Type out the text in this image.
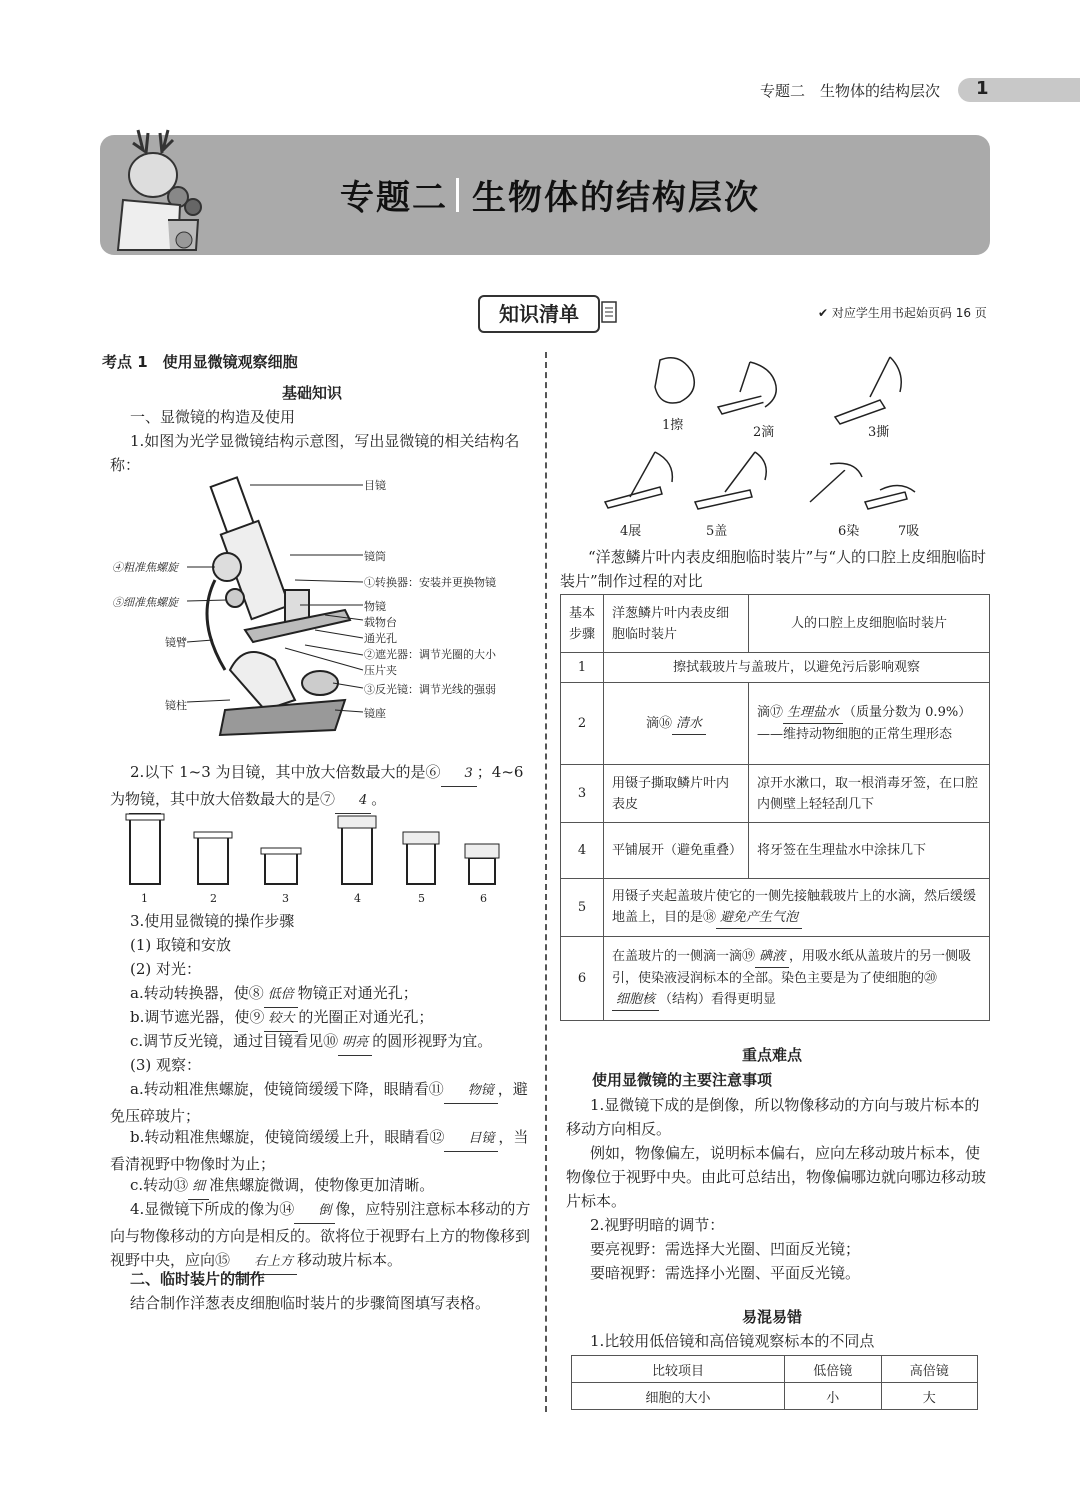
专题二　生物体的结构层次 1
专题二 生物体的结构层次
知识清单	✔ 对应学生用书起始页码 16 页
考点 1　使用显微镜观察细胞
基础知识
一、显微镜的构造及使用
1.如图为光学显微镜结构示意图，写出显微镜的相关结构名称：
目镜
镜筒
①转换器：安装并更换物镜
物镜
载物台
通光孔
②遮光器：调节光圈的大小
压片夹
③反光镜：调节光线的强弱
镜座
④粗准焦螺旋
⑤细准焦螺旋
镜臂
镜柱
2.以下 1~3 为目镜，其中放大倍数最大的是⑥ 3 ；4~6 为物镜，其中放大倍数最大的是⑦ 4 。
1	2	3	4	5	6
3.使用显微镜的操作步骤
(1) 取镜和安放
(2) 对光：
a.转动转换器，使⑧ 低倍 物镜正对通光孔；
b.调节遮光器，使⑨ 较大 的光圈正对通光孔；
c.调节反光镜，通过目镜看见⑩ 明亮 的圆形视野为宜。
(3) 观察：
a.转动粗准焦螺旋，使镜筒缓缓下降，眼睛看⑪ 物镜 ，避免压碎玻片；
b.转动粗准焦螺旋，使镜筒缓缓上升，眼睛看⑫ 目镜 ，当看清视野中物像时为止；
c.转动⑬ 细 准焦螺旋微调，使物像更加清晰。
4.显微镜下所成的像为⑭ 倒 像，应特别注意标本移动的方向与物像移动的方向是相反的。欲将位于视野右上方的物像移到视野中央，应向⑮ 右上方 移动玻片标本。
二、临时装片的制作
结合制作洋葱表皮细胞临时装片的步骤简图填写表格。
1擦	2滴	3撕
4展	5盖	6染	7吸
“洋葱鳞片叶内表皮细胞临时装片”与“人的口腔上皮细胞临时装片”制作过程的对比
基本步骤	洋葱鳞片叶内表皮细胞临时装片	人的口腔上皮细胞临时装片
1	擦拭载玻片与盖玻片，以避免污后影响观察	
2	滴⑯ 清水	滴⑰ 生理盐水 （质量分数为 0.9%）——维持动物细胞的正常生理形态
3	用镊子撕取鳞片叶内表皮	凉开水漱口，取一根消毒牙签，在口腔内侧壁上轻轻刮几下
4	平铺展开（避免重叠）	将牙签在生理盐水中涂抹几下
5	用镊子夹起盖玻片使它的一侧先接触载玻片上的水滴，然后缓缓地盖上，目的是⑱ 避免产生气泡	
6	在盖玻片的一侧滴一滴⑲ 碘液 ，用吸水纸从盖玻片的另一侧吸引，使染液浸润标本的全部。染色主要是为了使细胞的⑳细胞核 （结构）看得更明显	
重点难点
使用显微镜的主要注意事项
1.显微镜下成的是倒像，所以物像移动的方向与玻片标本的移动方向相反。
例如，物像偏左，说明标本偏右，应向左移动玻片标本，使物像位于视野中央。由此可总结出，物像偏哪边就向哪边移动玻片标本。
2.视野明暗的调节：
要亮视野：需选择大光圈、凹面反光镜；
要暗视野：需选择小光圈、平面反光镜。
易混易错
1.比较用低倍镜和高倍镜观察标本的不同点
比较项目	低倍镜	高倍镜
细胞的大小	小	大
